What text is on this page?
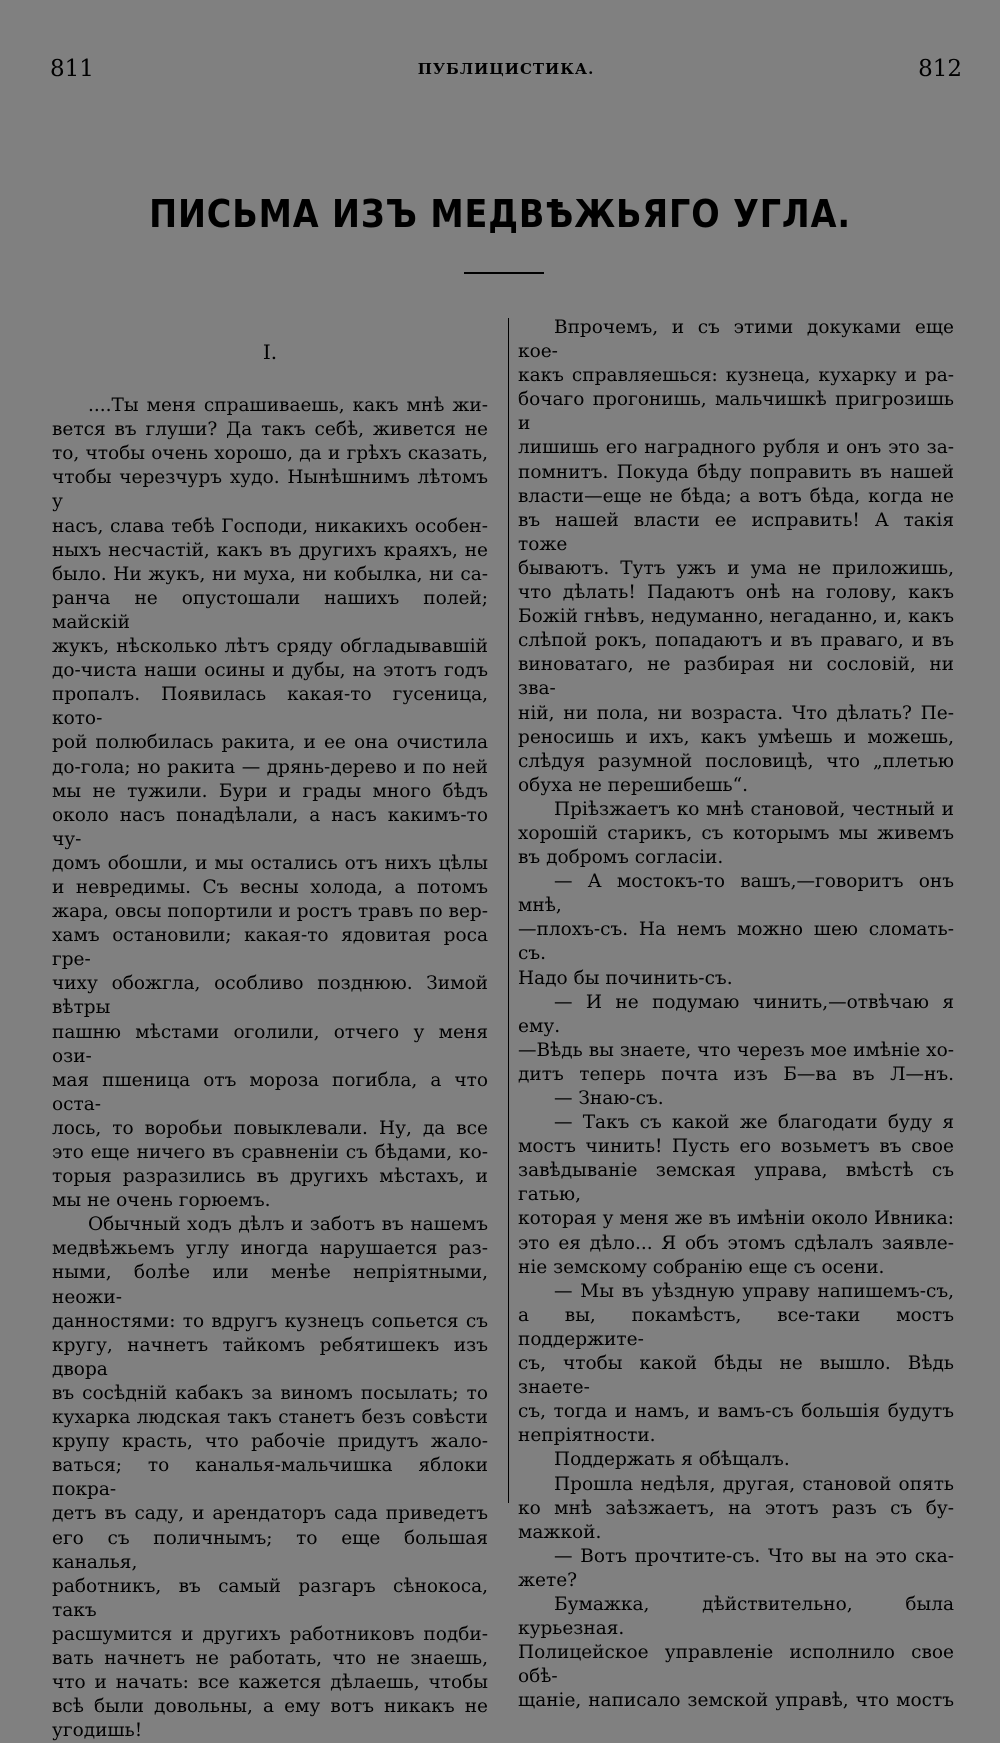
811	ПУБЛИЦИСТИКА.	812
ПИСЬМА ИЗЪ МЕДВѢЖЬЯГО УГЛА.
I.
....Ты меня спрашиваешь, какъ мнѣ жи-
вется въ глуши? Да такъ себѣ, живется не
то, чтобы очень хорошо, да и грѣхъ сказать,
чтобы черезчуръ худо. Нынѣшнимъ лѣтомъ у
насъ, слава тебѣ Господи, никакихъ особен-
ныхъ несчастій, какъ въ другихъ краяхъ, не
было. Ни жукъ, ни муха, ни кобылка, ни са-
ранча не опустошали нашихъ полей; майскій
жукъ, нѣсколько лѣтъ сряду обгладывавшій
до-чиста наши осины и дубы, на этотъ годъ
пропалъ. Появилась какая-то гусеница, кото-
рой полюбилась ракита, и ее она очистила
до-гола; но ракита — дрянь-дерево и по ней
мы не тужили. Бури и грады много бѣдъ
около насъ понадѣлали, а насъ какимъ-то чу-
домъ обошли, и мы остались отъ нихъ цѣлы
и невредимы. Съ весны холода, а потомъ
жара, овсы попортили и ростъ травъ по вер-
хамъ остановили; какая-то ядовитая роса гре-
чиху обожгла, особливо позднюю. Зимой вѣтры
пашню мѣстами оголили, отчего у меня ози-
мая пшеница отъ мороза погибла, а что оста-
лось, то воробьи повыклевали. Ну, да все
это еще ничего въ сравненіи съ бѣдами, ко-
торыя разразились въ другихъ мѣстахъ, и
мы не очень горюемъ.
Обычный ходъ дѣлъ и заботъ въ нашемъ
медвѣжьемъ углу иногда нарушается раз-
ными, болѣе или менѣе непріятными, неожи-
данностями: то вдругъ кузнецъ сопьется съ
кругу, начнетъ тайкомъ ребятишекъ изъ двора
въ сосѣдній кабакъ за виномъ посылать; то
кухарка людская такъ станетъ безъ совѣсти
крупу красть, что рабочіе придутъ жало-
ваться; то каналья-мальчишка яблоки покра-
детъ въ саду, и арендаторъ сада приведетъ
его съ поличнымъ; то еще большая каналья,
работникъ, въ самый разгаръ сѣнокоса, такъ
расшумится и другихъ работниковъ подби-
вать начнетъ не работать, что не знаешь,
что и начать: все кажется дѣлаешь, чтобы
всѣ были довольны, а ему вотъ никакъ не
угодишь!
Впрочемъ, и съ этими докуками еще кое-
какъ справляешься: кузнеца, кухарку и ра-
бочаго прогонишь, мальчишкѣ пригрозишь и
лишишь его наградного рубля и онъ это за-
помнитъ. Покуда бѣду поправить въ нашей
власти—еще не бѣда; а вотъ бѣда, когда не
въ нашей власти ее исправить! А такія тоже
бываютъ. Тутъ ужъ и ума не приложишь,
что дѣлать! Падаютъ онѣ на голову, какъ
Божій гнѣвъ, недуманно, негаданно, и, какъ
слѣпой рокъ, попадаютъ и въ праваго, и въ
виноватаго, не разбирая ни сословій, ни зва-
ній, ни пола, ни возраста. Что дѣлать? Пе-
реносишь и ихъ, какъ умѣешь и можешь,
слѣдуя разумной пословицѣ, что „плетью
обуха не перешибешь“.
Пріѣзжаетъ ко мнѣ становой, честный и
хорошій старикъ, съ которымъ мы живемъ
въ добромъ согласіи.
— А мостокъ-то вашъ,—говоритъ онъ мнѣ,
—плохъ-съ. На немъ можно шею сломать-съ.
Надо бы починить-съ.
— И не подумаю чинить,—отвѣчаю я ему.
—Вѣдь вы знаете, что черезъ мое имѣніе хо-
дитъ теперь почта изъ Б—ва въ Л—нъ.
— Знаю-съ.
— Такъ съ какой же благодати буду я
мостъ чинить! Пусть его возьметъ въ свое
завѣдываніе земская управа, вмѣстѣ съ гатью,
которая у меня же въ имѣніи около Ивника:
это ея дѣло... Я объ этомъ сдѣлалъ заявле-
ніе земскому собранію еще съ осени.
— Мы въ уѣздную управу напишемъ-съ,
а вы, покамѣстъ, все-таки мостъ поддержите-
съ, чтобы какой бѣды не вышло. Вѣдь знаете-
съ, тогда и намъ, и вамъ-съ большія будутъ
непріятности.
Поддержать я обѣщалъ.
Прошла недѣля, другая, становой опять
ко мнѣ заѣзжаетъ, на этотъ разъ съ бу-
мажкой.
— Вотъ прочтите-съ. Что вы на это ска-
жете?
Бумажка, дѣйствительно, была курьезная.
Полицейское управленіе исполнило свое обѣ-
щаніе, написало земской управѣ, что мостъ
